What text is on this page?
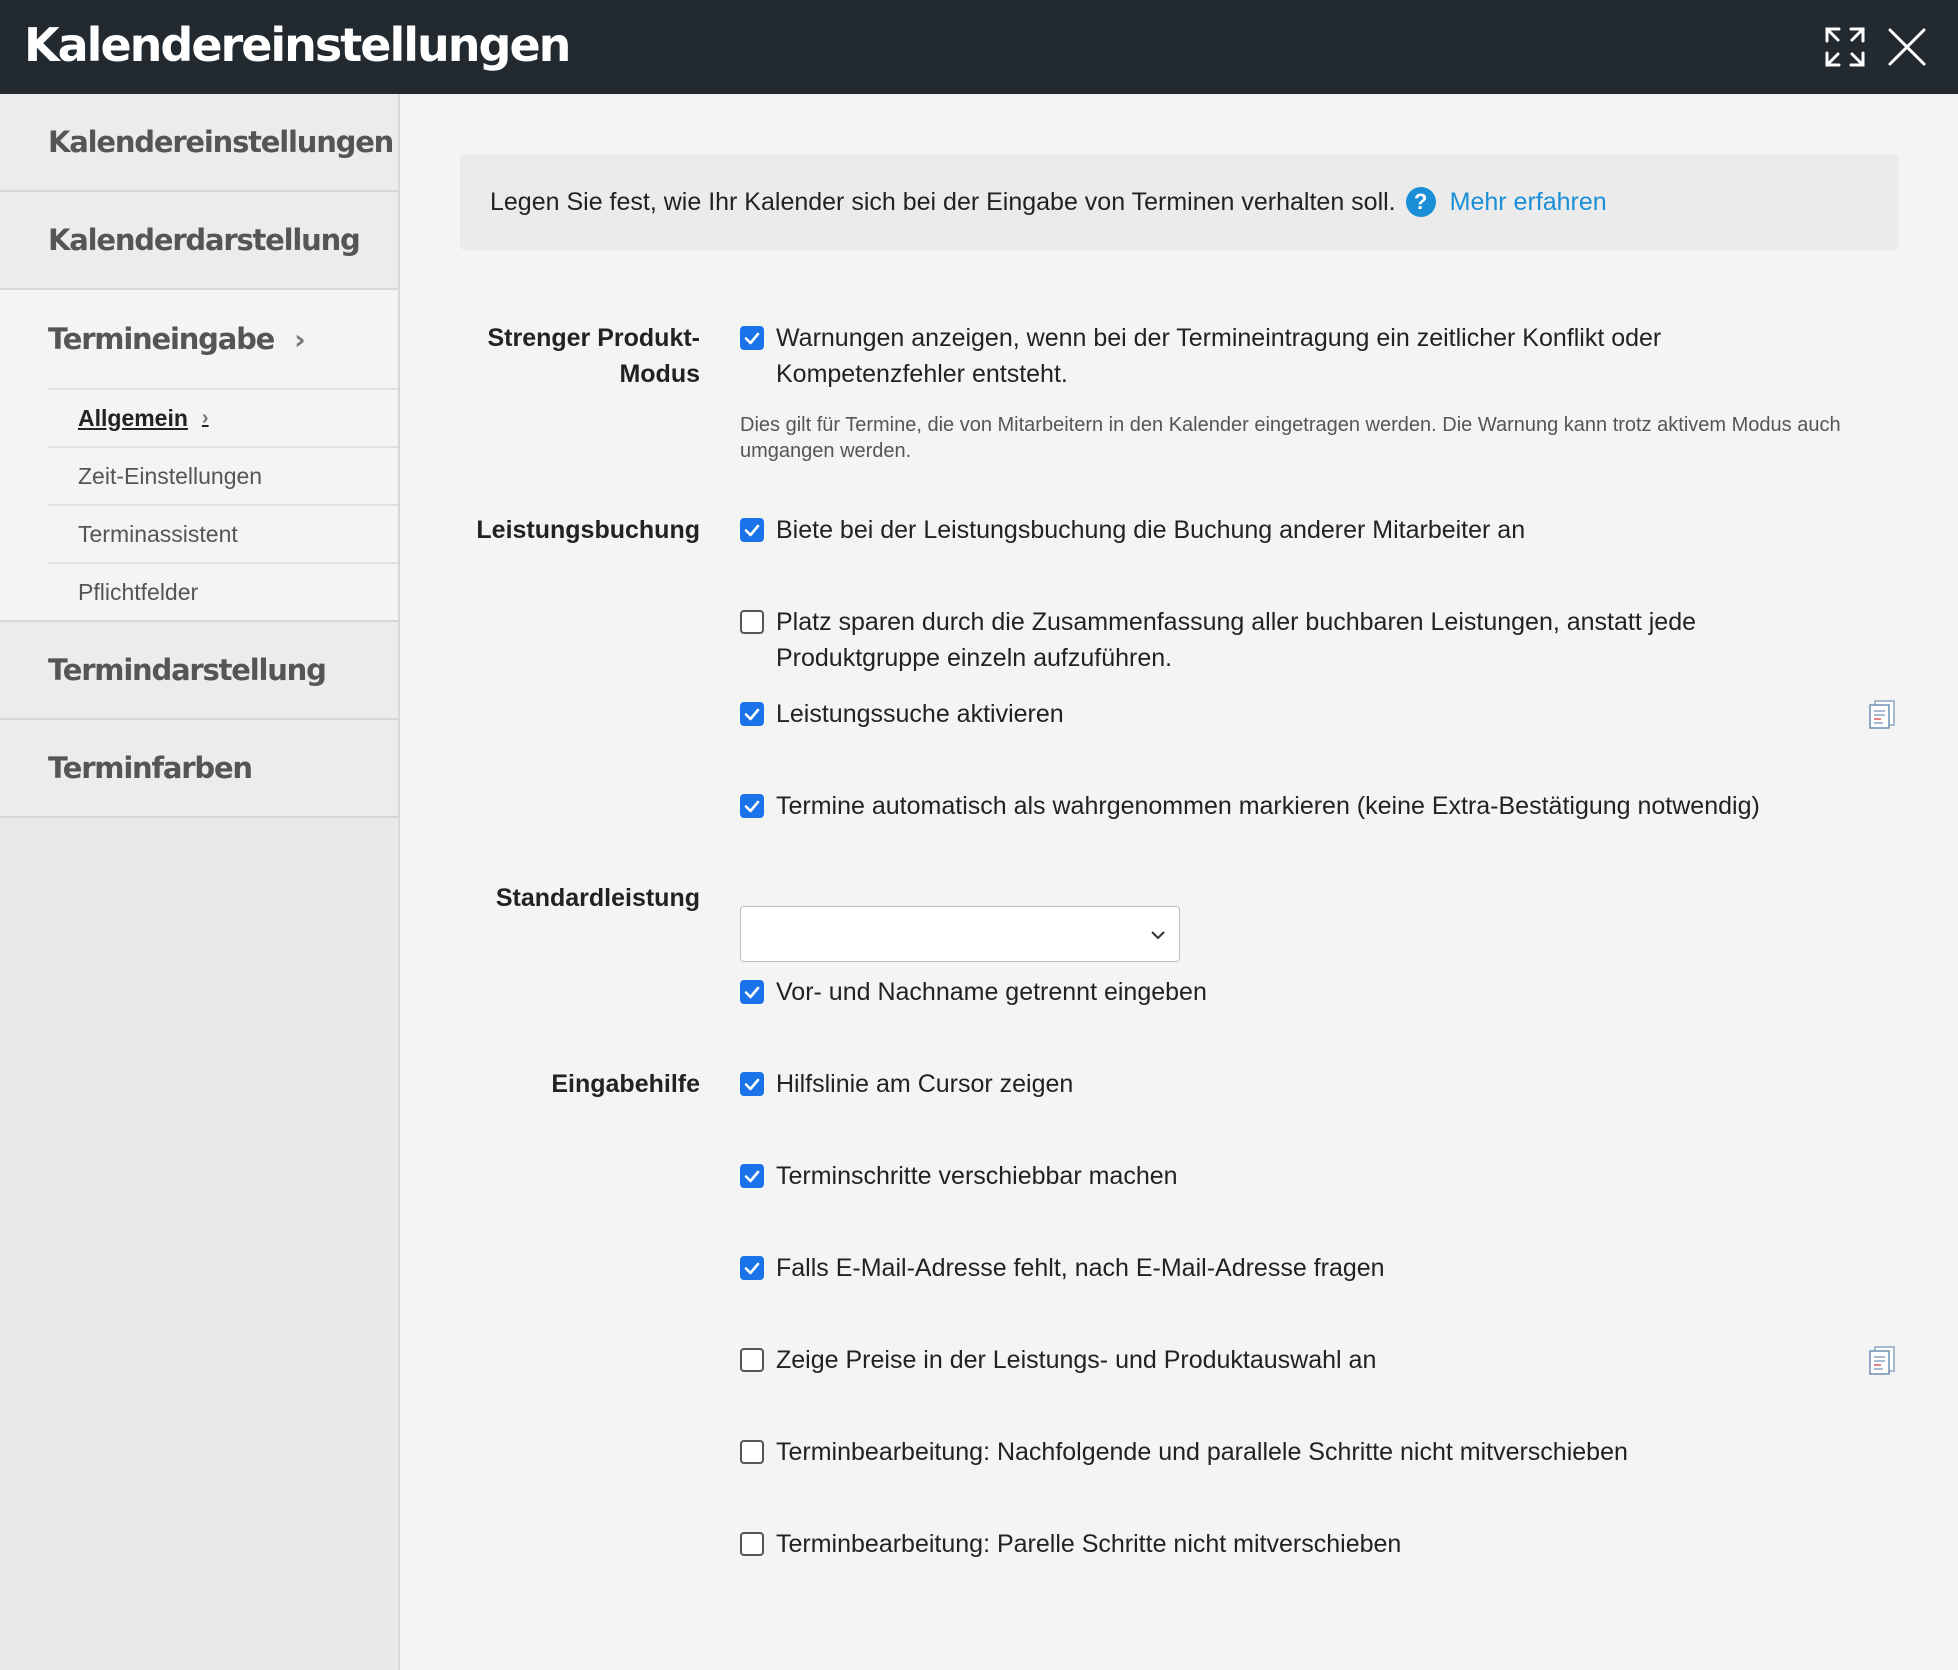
Kalendereinstellungen
Kalendereinstellungen
Kalenderdarstellung
Termineingabe ›
Allgemein ›
Zeit-Einstellungen
Terminassistent
Pflichtfelder
Termindarstellung
Terminfarben
Legen Sie fest, wie Ihr Kalender sich bei der Eingabe von Terminen verhalten soll. ? Mehr erfahren
Strenger Produkt-Modus
Warnungen anzeigen, wenn bei der Termineintragung ein zeitlicher Konflikt oder Kompetenzfehler entsteht.
Dies gilt für Termine, die von Mitarbeitern in den Kalender eingetragen werden. Die Warnung kann trotz aktivem Modus auch umgangen werden.
Leistungsbuchung	Biete bei der Leistungsbuchung die Buchung anderer Mitarbeiter an
Platz sparen durch die Zusammenfassung aller buchbaren Leistungen, anstatt jede Produktgruppe einzeln aufzuführen.
Leistungssuche aktivieren
Termine automatisch als wahrgenommen markieren (keine Extra-Bestätigung notwendig)
Standardleistung
Vor- und Nachname getrennt eingeben
Eingabehilfe	Hilfslinie am Cursor zeigen
Terminschritte verschiebbar machen
Falls E-Mail-Adresse fehlt, nach E-Mail-Adresse fragen
Zeige Preise in der Leistungs- und Produktauswahl an
Terminbearbeitung: Nachfolgende und parallele Schritte nicht mitverschieben
Terminbearbeitung: Parelle Schritte nicht mitverschieben
